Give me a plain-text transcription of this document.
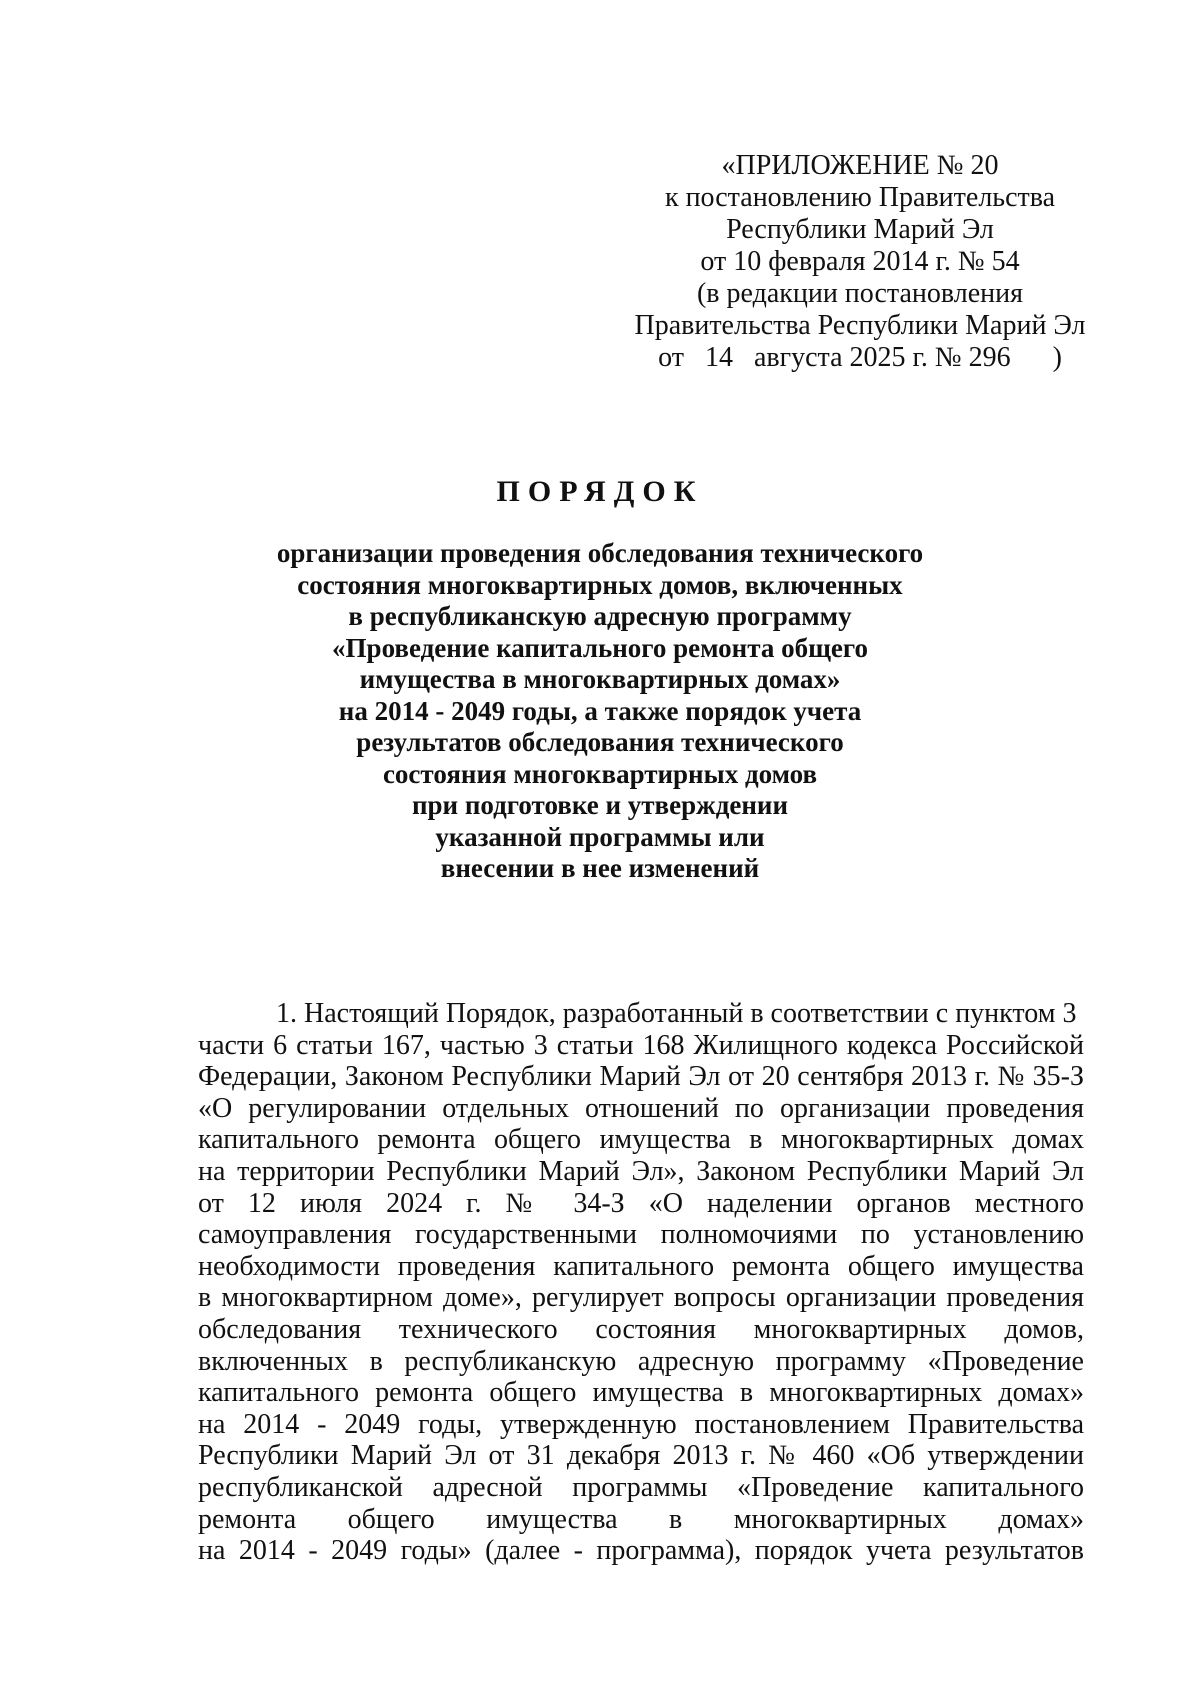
«ПРИЛОЖЕНИЕ № 20
к постановлению Правительства
Республики Марий Эл
от 10 февраля 2014 г. № 54
(в редакции постановления
Правительства Республики Марий Эл
от   14   августа 2025 г. № 296      )
ПОРЯДОК
организации проведения обследования технического
состояния многоквартирных домов, включенных
в республиканскую адресную программу
«Проведение капитального ремонта общего
имущества в многоквартирных домах»
на 2014 - 2049 годы, а также порядок учета
результатов обследования технического
состояния многоквартирных домов
при подготовке и утверждении
указанной программы или
внесении в нее изменений
1. Настоящий Порядок, разработанный в соответствии с пунктом 3
части 6 статьи 167, частью 3 статьи 168 Жилищного кодекса Российской
Федерации, Законом Республики Марий Эл от 20 сентября 2013 г. № 35-З
«О регулировании отдельных отношений по организации проведения
капитального ремонта общего имущества в многоквартирных домах
на территории Республики Марий Эл», Законом Республики Марий Эл
от 12 июля 2024 г. № 34-З «О наделении органов местного
самоуправления государственными полномочиями по установлению
необходимости проведения капитального ремонта общего имущества
в многоквартирном доме», регулирует вопросы организации проведения
обследования технического состояния многоквартирных домов,
включенных в республиканскую адресную программу «Проведение
капитального ремонта общего имущества в многоквартирных домах»
на 2014 - 2049 годы, утвержденную постановлением Правительства
Республики Марий Эл от 31 декабря 2013 г. № 460 «Об утверждении
республиканской адресной программы «Проведение капитального
ремонта общего имущества в многоквартирных домах»
на 2014 - 2049 годы» (далее - программа), порядок учета результатов
